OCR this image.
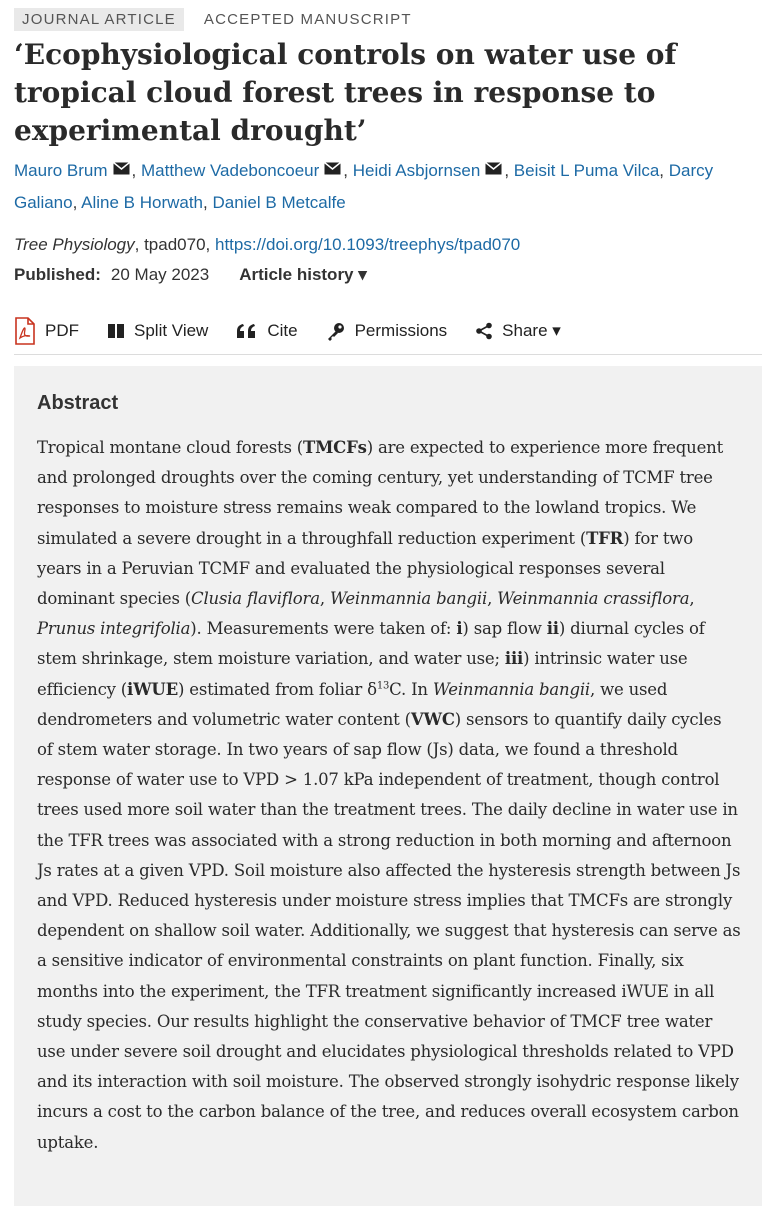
JOURNAL ARTICLE	ACCEPTED MANUSCRIPT
‘Ecophysiological controls on water use of tropical cloud forest trees in response to experimental drought’
Mauro Brum , Matthew Vadeboncoeur , Heidi Asbjornsen , Beisit L Puma Vilca, Darcy Galiano, Aline B Horwath, Daniel B Metcalfe
Tree Physiology, tpad070, https://doi.org/10.1093/treephys/tpad070
Published: 20 May 2023 Article history ▾
PDF	Split View	Cite	Permissions	Share ▾
Abstract

Tropical montane cloud forests (TMCFs) are expected to experience more frequent and prolonged droughts over the coming century, yet understanding of TCMF tree responses to moisture stress remains weak compared to the lowland tropics. We simulated a severe drought in a throughfall reduction experiment (TFR) for two years in a Peruvian TCMF and evaluated the physiological responses several dominant species (Clusia flaviflora, Weinmannia bangii, Weinmannia crassiflora, Prunus integrifolia). Measurements were taken of: i) sap flow ii) diurnal cycles of stem shrinkage, stem moisture variation, and water use; iii) intrinsic water use efficiency (iWUE) estimated from foliar $\delta^{13}C$. In Weinmannia bangii, we used dendrometers and volumetric water content (VWC) sensors to quantify daily cycles of stem water storage. In two years of sap flow (Js) data, we found a threshold response of water use to VPD > 1.07 kPa independent of treatment, though control trees used more soil water than the treatment trees. The daily decline in water use in the TFR trees was associated with a strong reduction in both morning and afternoon Js rates at a given VPD. Soil moisture also affected the hysteresis strength between Js and VPD. Reduced hysteresis under moisture stress implies that TMCFs are strongly dependent on shallow soil water. Additionally, we suggest that hysteresis can serve as a sensitive indicator of environmental constraints on plant function. Finally, six months into the experiment, the TFR treatment significantly increased iWUE in all study species. Our results highlight the conservative behavior of TMCF tree water use under severe soil drought and elucidates physiological thresholds related to VPD and its interaction with soil moisture. The observed strongly isohydric response likely incurs a cost to the carbon balance of the tree, and reduces overall ecosystem carbon uptake.
